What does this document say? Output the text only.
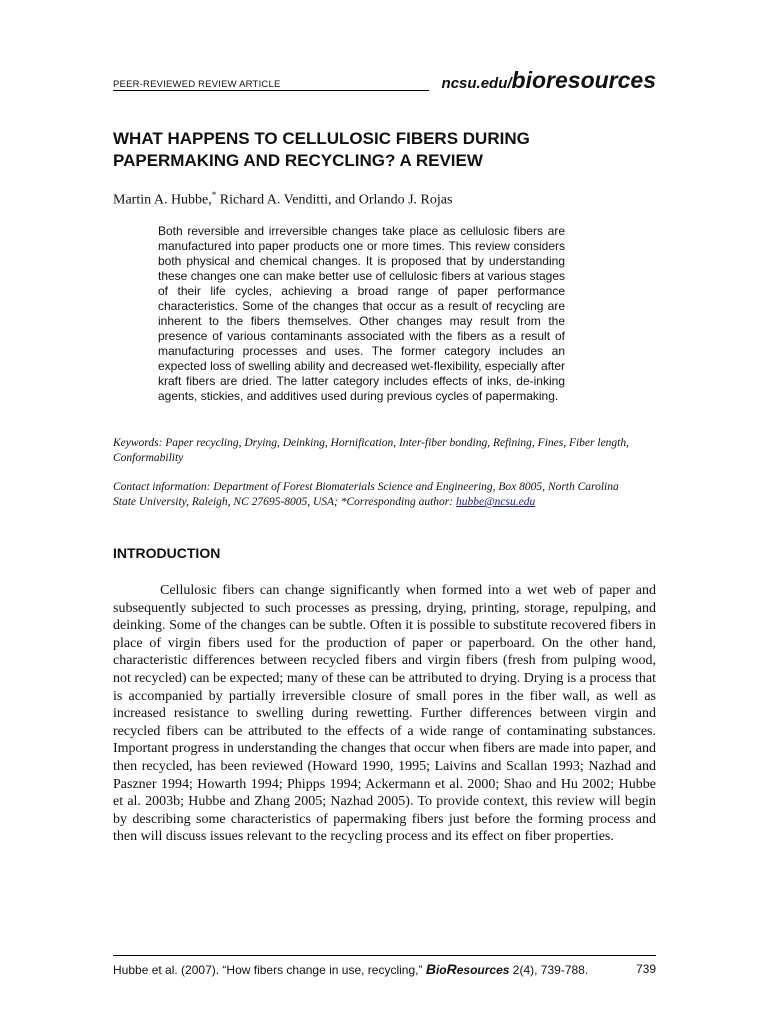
PEER-REVIEWED REVIEW ARTICLE	ncsu.edu/bioresources
WHAT HAPPENS TO CELLULOSIC FIBERS DURING PAPERMAKING AND RECYCLING? A REVIEW
Martin A. Hubbe,* Richard A. Venditti, and Orlando J. Rojas

Both reversible and irreversible changes take place as cellulosic fibers are manufactured into paper products one or more times. This review considers both physical and chemical changes. It is proposed that by understanding these changes one can make better use of cellulosic fibers at various stages of their life cycles, achieving a broad range of paper performance characteristics. Some of the changes that occur as a result of recycling are inherent to the fibers themselves. Other changes may result from the presence of various contaminants associated with the fibers as a result of manufacturing processes and uses. The former category includes an expected loss of swelling ability and decreased wet-flexibility, especially after kraft fibers are dried. The latter category includes effects of inks, de-inking agents, stickies, and additives used during previous cycles of papermaking.

Keywords: Paper recycling, Drying, Deinking, Hornification, Inter-fiber bonding, Refining, Fines, Fiber length, Conformability

Contact information: Department of Forest Biomaterials Science and Engineering, Box 8005, North Carolina State University, Raleigh, NC 27695-8005, USA; *Corresponding author: hubbe@ncsu.edu

INTRODUCTION

Cellulosic fibers can change significantly when formed into a wet web of paper and subsequently subjected to such processes as pressing, drying, printing, storage, repulping, and deinking. Some of the changes can be subtle. Often it is possible to substitute recovered fibers in place of virgin fibers used for the production of paper or paperboard. On the other hand, characteristic differences between recycled fibers and virgin fibers (fresh from pulping wood, not recycled) can be expected; many of these can be attributed to drying. Drying is a process that is accompanied by partially irreversible closure of small pores in the fiber wall, as well as increased resistance to swelling during rewetting. Further differences between virgin and recycled fibers can be attributed to the effects of a wide range of contaminating substances. Important progress in understanding the changes that occur when fibers are made into paper, and then recycled, has been reviewed (Howard 1990, 1995; Laivins and Scallan 1993; Nazhad and Paszner 1994; Howarth 1994; Phipps 1994; Ackermann et al. 2000; Shao and Hu 2002; Hubbe et al. 2003b; Hubbe and Zhang 2005; Nazhad 2005). To provide context, this review will begin by describing some characteristics of papermaking fibers just before the forming process and then will discuss issues relevant to the recycling process and its effect on fiber properties.

Hubbe et al. (2007). “How fibers change in use, recycling,” BioResources 2(4), 739-788.	739
